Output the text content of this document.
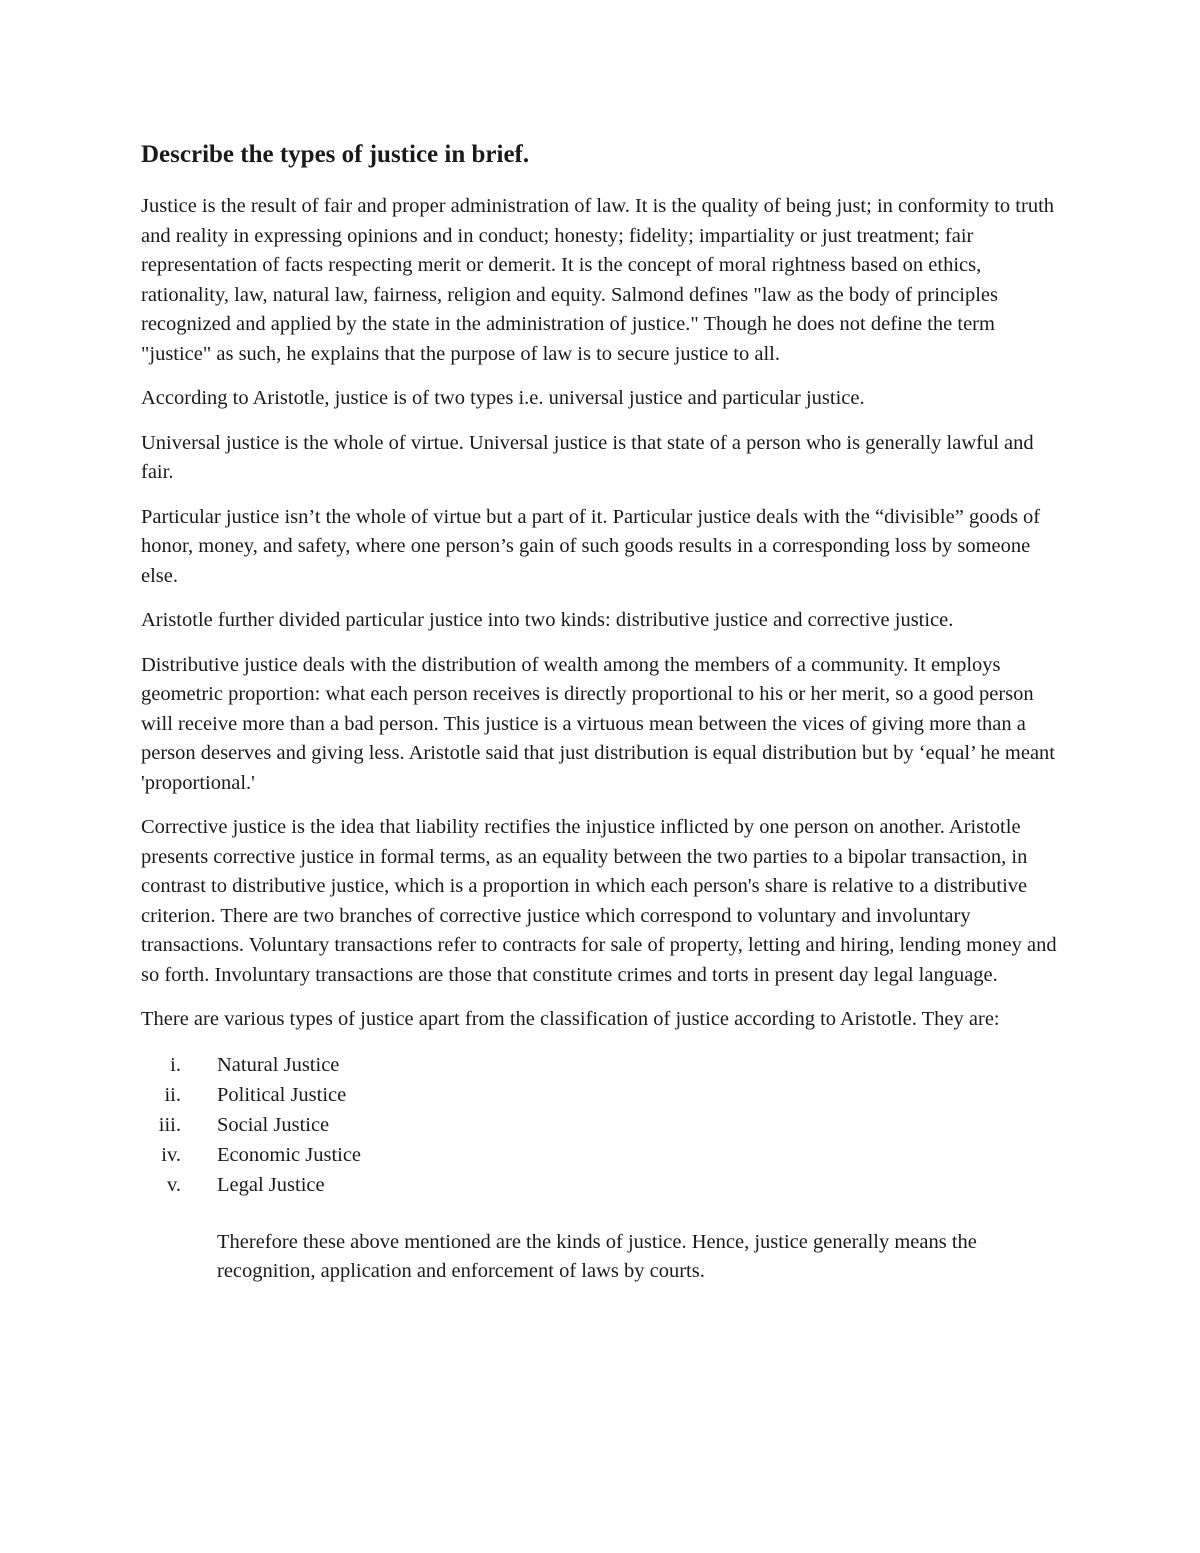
Describe the types of justice in brief.

Justice is the result of fair and proper administration of law. It is the quality of being just; in conformity to truth and reality in expressing opinions and in conduct; honesty; fidelity; impartiality or just treatment; fair representation of facts respecting merit or demerit. It is the concept of moral rightness based on ethics, rationality, law, natural law, fairness, religion and equity. Salmond defines "law as the body of principles recognized and applied by the state in the administration of justice." Though he does not define the term "justice" as such, he explains that the purpose of law is to secure justice to all.

According to Aristotle, justice is of two types i.e. universal justice and particular justice.

Universal justice is the whole of virtue. Universal justice is that state of a person who is generally lawful and fair.

Particular justice isn’t the whole of virtue but a part of it. Particular justice deals with the “divisible” goods of honor, money, and safety, where one person’s gain of such goods results in a corresponding loss by someone else.

Aristotle further divided particular justice into two kinds: distributive justice and corrective justice.

Distributive justice deals with the distribution of wealth among the members of a community. It employs geometric proportion: what each person receives is directly proportional to his or her merit, so a good person will receive more than a bad person. This justice is a virtuous mean between the vices of giving more than a person deserves and giving less. Aristotle said that just distribution is equal distribution but by ‘equal’ he meant 'proportional.'

Corrective justice is the idea that liability rectifies the injustice inflicted by one person on another. Aristotle presents corrective justice in formal terms, as an equality between the two parties to a bipolar transaction, in contrast to distributive justice, which is a proportion in which each person's share is relative to a distributive criterion. There are two branches of corrective justice which correspond to voluntary and involuntary transactions. Voluntary transactions refer to contracts for sale of property, letting and hiring, lending money and so forth. Involuntary transactions are those that constitute crimes and torts in present day legal language.

There are various types of justice apart from the classification of justice according to Aristotle. They are:

i.	Natural Justice
ii.	Political Justice
iii.	Social Justice
iv.	Economic Justice
v.	Legal Justice

Therefore these above mentioned are the kinds of justice. Hence, justice generally means the recognition, application and enforcement of laws by courts.
